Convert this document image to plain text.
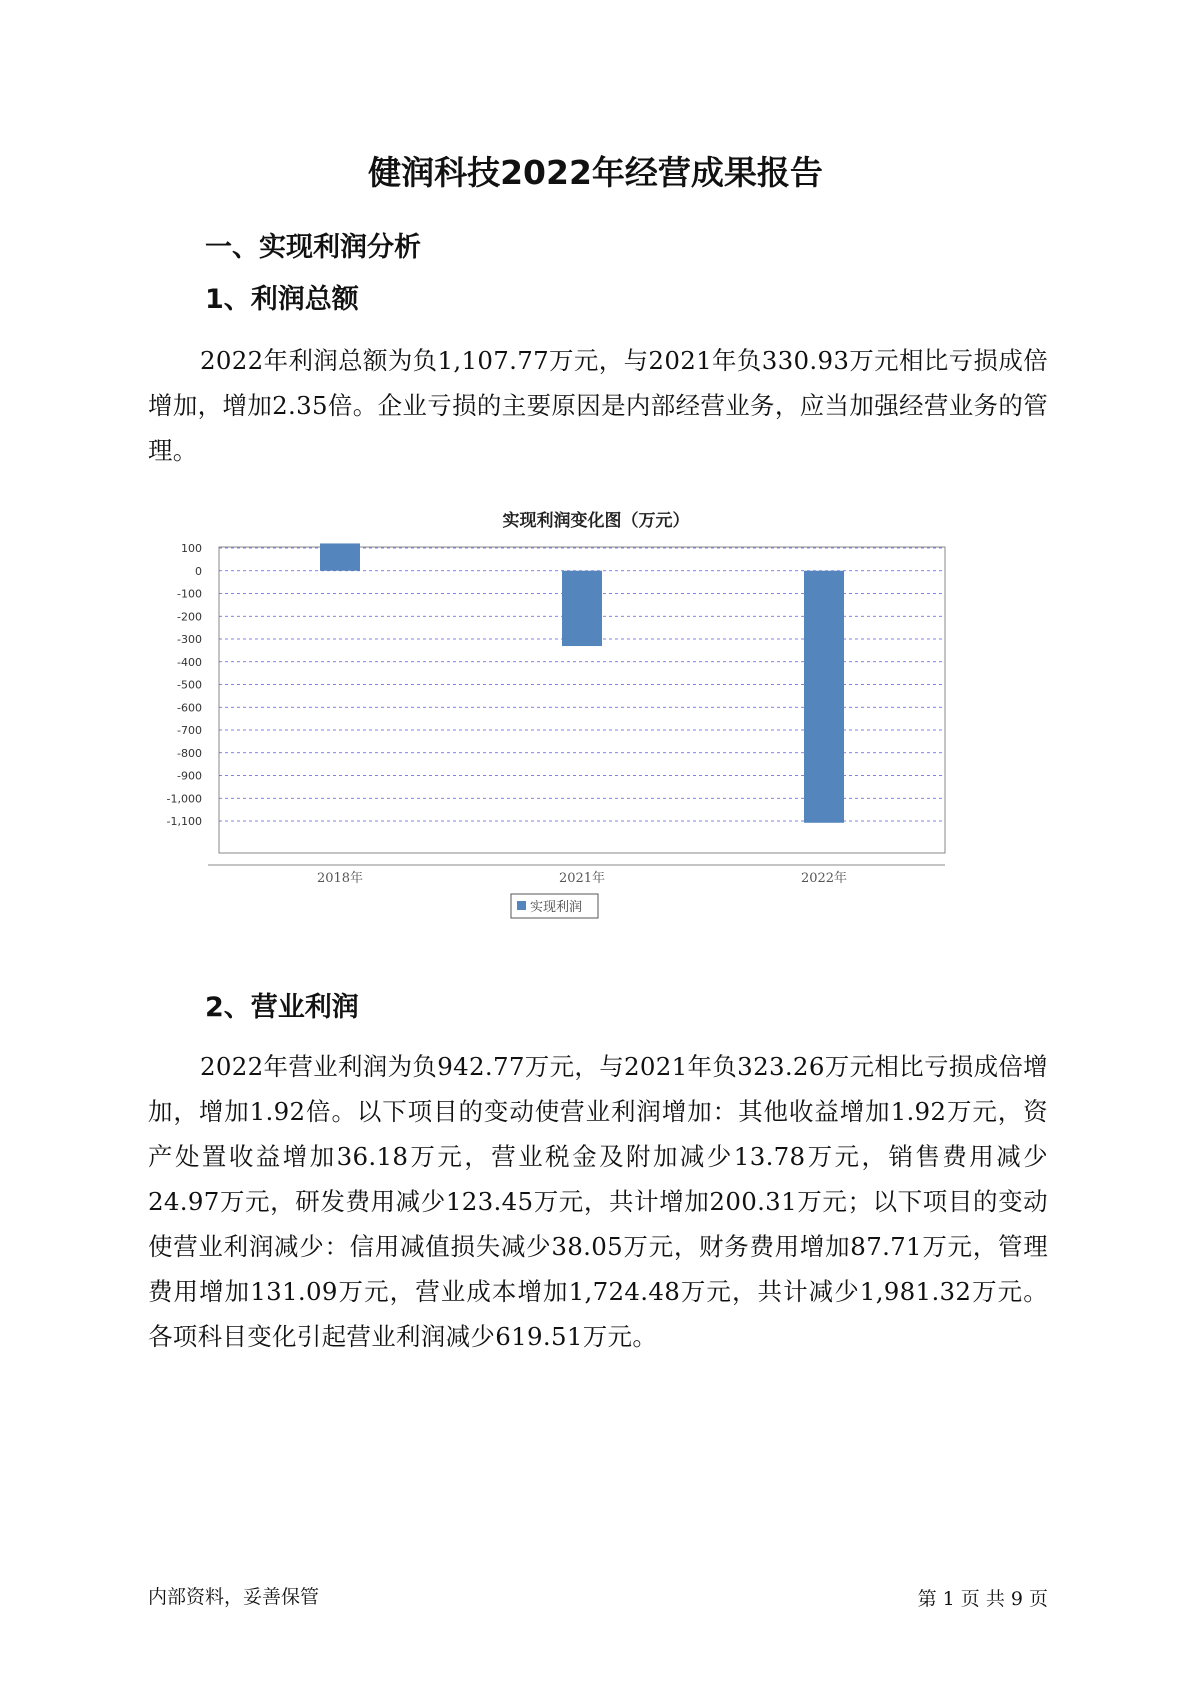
健润科技2022年经营成果报告
一、实现利润分析
1、利润总额
2022年利润总额为负1,107.77万元，与2021年负330.93万元相比亏损成倍增加，增加2.35倍。企业亏损的主要原因是内部经营业务，应当加强经营业务的管理。
实现利润变化图（万元）
100
0
-100
-200
-300
-400
-500
-600
-700
-800
-900
-1,000
-1,100
2018年	2021年	2022年
实现利润
2、营业利润
2022年营业利润为负942.77万元，与2021年负323.26万元相比亏损成倍增加，增加1.92倍。以下项目的变动使营业利润增加：其他收益增加1.92万元，资产处置收益增加36.18万元，营业税金及附加减少13.78万元，销售费用减少24.97万元，研发费用减少123.45万元，共计增加200.31万元；以下项目的变动使营业利润减少：信用减值损失减少38.05万元，财务费用增加87.71万元，管理费用增加131.09万元，营业成本增加1,724.48万元，共计减少1,981.32万元。各项科目变化引起营业利润减少619.51万元。
内部资料，妥善保管	第 1 页 共 9 页
